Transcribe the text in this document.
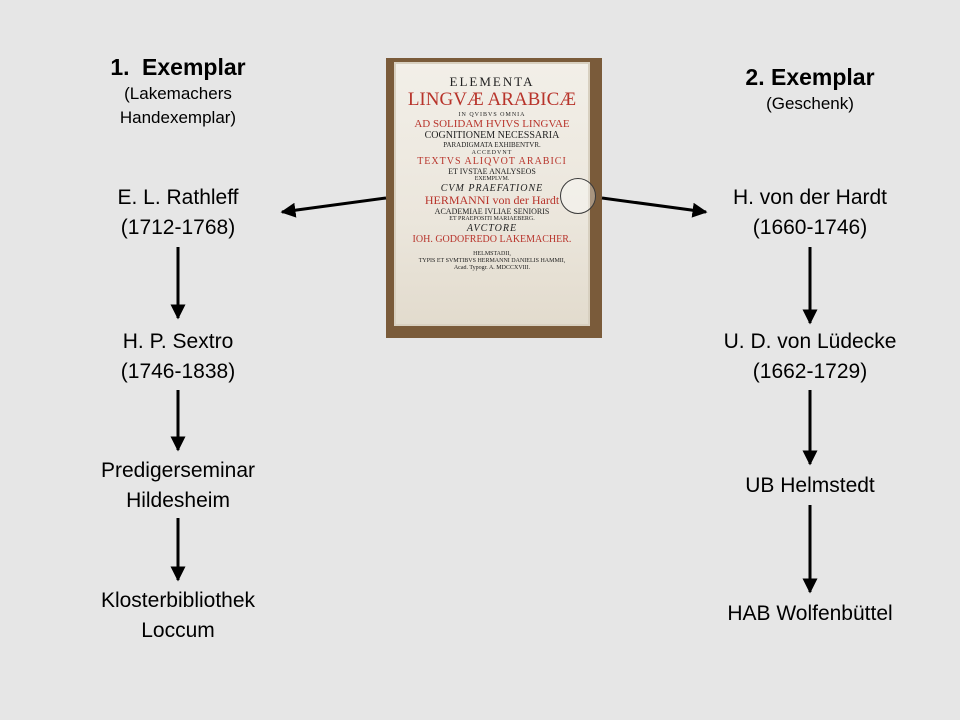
1. Exemplar
(Lakemachers
Handexemplar)
E. L. Rathleff
(1712-1768)
H. P. Sextro
(1746-1838)
Predigerseminar
Hildesheim
Klosterbibliothek
Loccum
2. Exemplar
(Geschenk)
H. von der Hardt
(1660-1746)
U. D. von Lüdecke
(1662-1729)
UB Helmstedt
HAB Wolfenbüttel
ELEMENTA
LINGVÆ ARABICÆ
IN QVIBVS OMNIA
AD SOLIDAM HVIVS LINGVAE
COGNITIONEM NECESSARIA
PARADIGMATA EXHIBENTVR.
ACCEDVNT
TEXTVS ALIQVOT ARABICI
ET IVSTAE ANALYSEOS
EXEMPLVM.
CVM PRAEFATIONE
HERMANNI von der Hardt
ACADEMIAE IVLIAE SENIORIS
ET PRAEPOSITI MARIAEBERG.
AVCTORE
IOH. GODOFREDO LAKEMACHER.
HELMSTADII,
TYPIS ET SVMTIBVS HERMANNI DANIELIS HAMMII,
Acad. Typogr. A. MDCCXVIII.
